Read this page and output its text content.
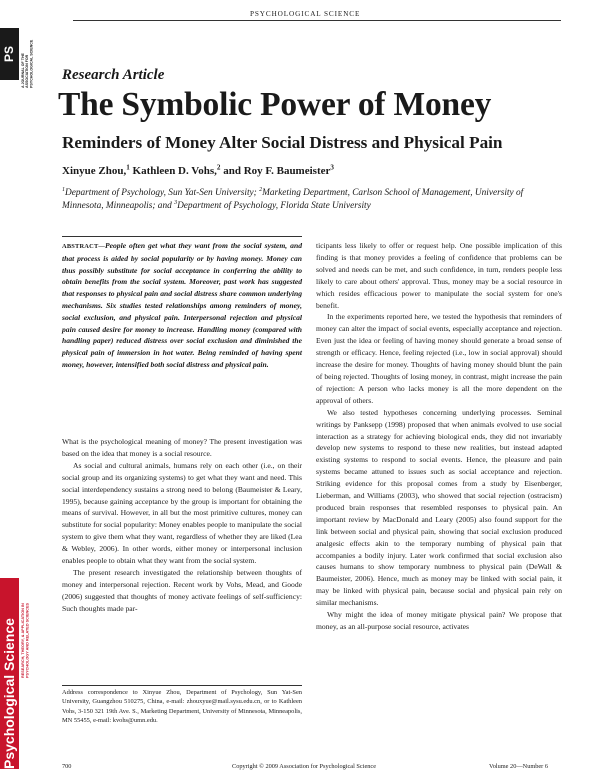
PSYCHOLOGICAL SCIENCE
PS	A JOURNAL OF THE ASSOCIATION FOR PSYCHOLOGICAL SCIENCE
Psychological Science	RESEARCH, THEORY, & APPLICATION IN PSYCHOLOGY AND RELATED SCIENCES
Research Article
The Symbolic Power of Money
Reminders of Money Alter Social Distress and Physical Pain
Xinyue Zhou,$^1$ Kathleen D. Vohs,$^2$ and Roy F. Baumeister$^3$
$^1$Department of Psychology, Sun Yat-Sen University; $^2$Marketing Department, Carlson School of Management, University of Minnesota, Minneapolis; and $^3$Department of Psychology, Florida State University
ABSTRACT—People often get what they want from the social system, and that process is aided by social popularity or by having money. Money can thus possibly substitute for social acceptance in conferring the ability to obtain benefits from the social system. Moreover, past work has suggested that responses to physical pain and social distress share common underlying mechanisms. Six studies tested relationships among reminders of money, social exclusion, and physical pain. Interpersonal rejection and physical pain caused desire for money to increase. Handling money (compared with handling paper) reduced distress over social exclusion and diminished the physical pain of immersion in hot water. Being reminded of having spent money, however, intensified both social distress and physical pain.

What is the psychological meaning of money? The present investigation was based on the idea that money is a social resource.

As social and cultural animals, humans rely on each other (i.e., on their social group and its organizing systems) to get what they want and need. This social interdependency sustains a strong need to belong (Baumeister & Leary, 1995), because gaining acceptance by the group is important for obtaining the means of survival. However, in all but the most primitive cultures, money can substitute for social popularity: Money enables people to manipulate the social system to give them what they want, regardless of whether they are liked (Lea & Webley, 2006). In other words, either money or interpersonal inclusion enables people to obtain what they want from the social system.

The present research investigated the relationship between thoughts of money and interpersonal rejection. Recent work by Vohs, Mead, and Goode (2006) suggested that thoughts of money activate feelings of self-sufficiency: Such thoughts made par-

ticipants less likely to offer or request help. One possible implication of this finding is that money provides a feeling of confidence that problems can be solved and needs can be met, and such confidence, in turn, renders people less likely to care about others' approval. Thus, money may be a social resource in which resides efficacious power to manipulate the social system for one's benefit.

In the experiments reported here, we tested the hypothesis that reminders of money can alter the impact of social events, especially acceptance and rejection. Even just the idea or feeling of having money should generate a broad sense of strength or efficacy. Hence, feeling rejected (i.e., low in social approval) should increase the desire for money. Thoughts of having money should blunt the pain of being rejected. Thoughts of losing money, in contrast, might increase the pain of rejection: A person who lacks money is all the more dependent on the approval of others.

We also tested hypotheses concerning underlying processes. Seminal writings by Panksepp (1998) proposed that when animals evolved to use social interaction as a strategy for achieving biological ends, they did not invariably develop new systems to respond to these new realities, but instead adapted existing systems to respond to social events. Hence, the pleasure and pain systems became attuned to issues such as social acceptance and rejection. Striking evidence for this proposal comes from a study by Eisenberger, Lieberman, and Williams (2003), who showed that social rejection (ostracism) produced brain responses that resembled responses to physical pain. An important review by MacDonald and Leary (2005) also found support for the link between social and physical pain, showing that social exclusion produced analgesic effects akin to the temporary numbing of physical pain that accompanies a bodily injury. Later work confirmed that social exclusion also causes humans to show temporary numbness to physical pain (DeWall & Baumeister, 2006). Hence, much as money may be linked with social pain, it may be linked with physical pain, because social and physical pain rely on similar mechanisms.

Why might the idea of money mitigate physical pain? We propose that money, as an all-purpose social resource, activates

Address correspondence to Xinyue Zhou, Department of Psychology, Sun Yat-Sen University, Guangzhou 510275, China, e-mail: zhouxyue@mail.sysu.edu.cn, or to Kathleen Vohs, 3-150 321 19th Ave. S., Marketing Department, University of Minnesota, Minneapolis, MN 55455, e-mail: kvohs@umn.edu.
700	Copyright © 2009 Association for Psychological Science	Volume 20—Number 6
